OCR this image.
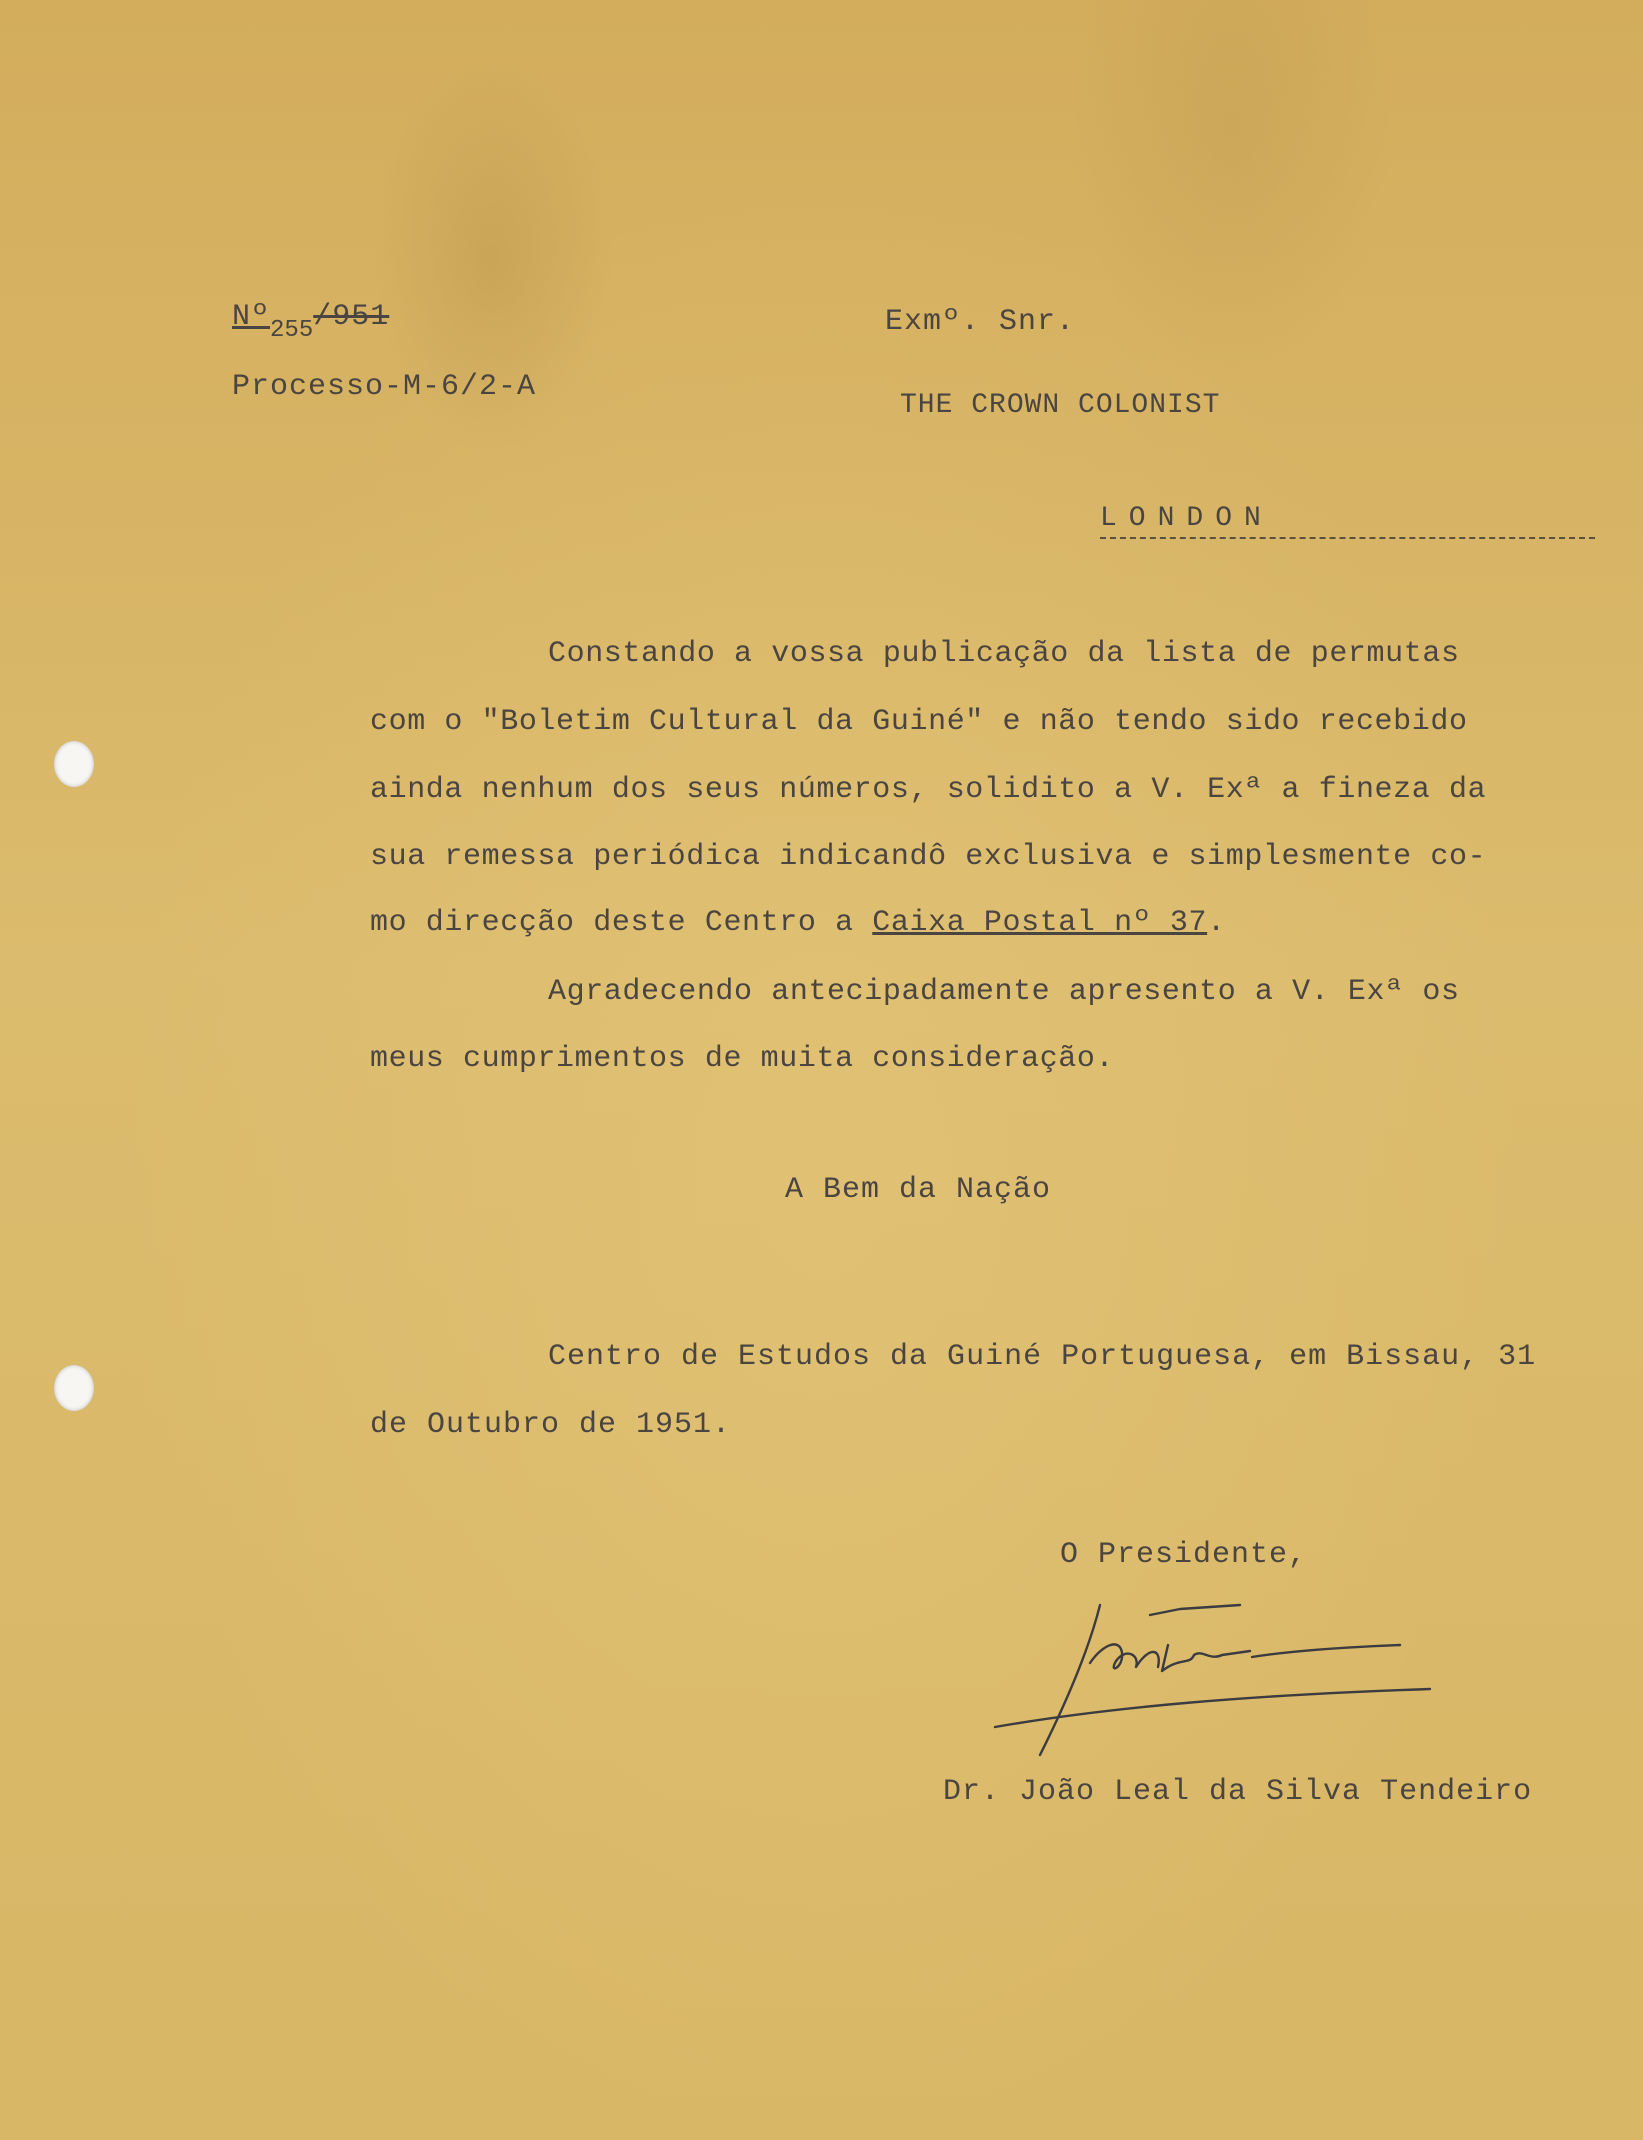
Nº$_{255}$/951
Processo-M-6/2-A
Exmº. Snr.
THE CROWN COLONIST
LONDON
Constando a vossa publicação da lista de permutas
com o "Boletim Cultural da Guiné" e não tendo sido recebido
ainda nenhum dos seus números, solidito a V. Exª a fineza da
sua remessa periódica indicandô exclusiva e simplesmente co-
mo direcção deste Centro a Caixa Postal nº 37.
Agradecendo antecipadamente apresento a V. Exª os
meus cumprimentos de muita consideração.
A Bem da Nação
Centro de Estudos da Guiné Portuguesa, em Bissau, 31
de Outubro de 1951.
O Presidente,
Dr. João Leal da Silva Tendeiro
